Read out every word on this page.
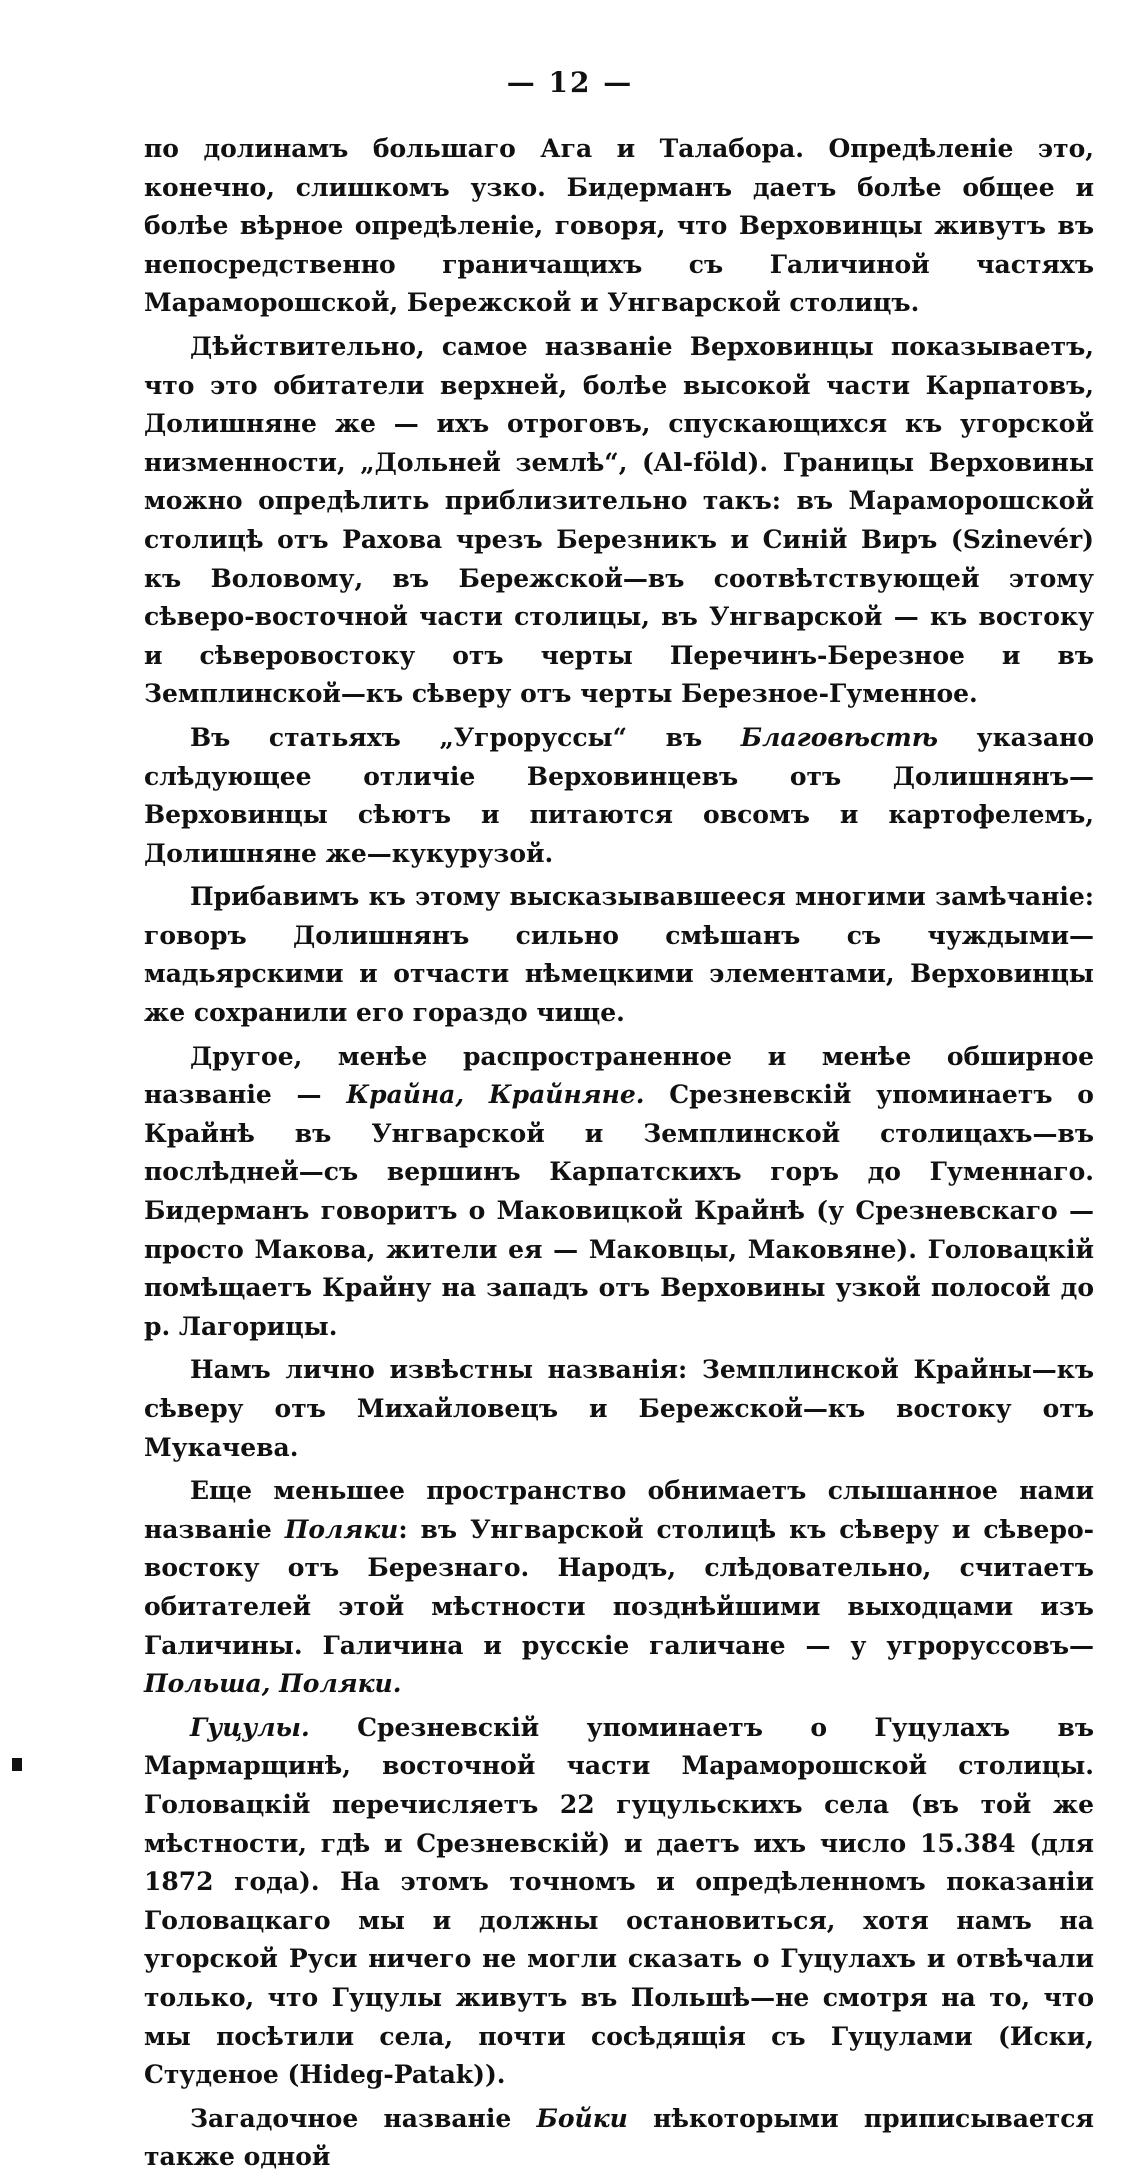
— 12 —

по долинамъ большаго Ага и Талабора. Опредѣленіе это, конечно, слишкомъ узко. Бидерманъ даетъ болѣе общее и болѣе вѣрное опредѣленіе, говоря, что Верховинцы живутъ въ непосредственно граничащихъ съ Галичиной частяхъ Мараморошской, Бережской и Унгварской столицъ.

Дѣйствительно, самое названіе Верховинцы показываетъ, что это обитатели верхней, болѣе высокой части Карпатовъ, Долишняне же — ихъ отроговъ, спускающихся къ угорской низменности, „Дольней землѣ“, (Al-föld). Границы Верховины можно опредѣлить приблизительно такъ: въ Мараморошской столицѣ отъ Рахова чрезъ Березникъ и Синій Виръ (Szinevér) къ Воловому, въ Бережской—въ соотвѣтствующей этому сѣверо-восточной части столицы, въ Унгварской — къ востоку и сѣверовостоку отъ черты Перечинъ-Березное и въ Земплинской—къ сѣверу отъ черты Березное-Гуменное.

Въ статьяхъ „Угроруссы“ въ Благовѣстѣ указано слѣдующее отличіе Верховинцевъ отъ Долишнянъ—Верховинцы сѣютъ и питаются овсомъ и картофелемъ, Долишняне же—кукурузой.

Прибавимъ къ этому высказывавшееся многими замѣчаніе: говоръ Долишнянъ сильно смѣшанъ съ чуждыми—мадьярскими и отчасти нѣмецкими элементами, Верховинцы же сохранили его гораздо чище.

Другое, менѣе распространенное и менѣе обширное названіе — Крайна, Крайняне. Срезневскій упоминаетъ о Крайнѣ въ Унгварской и Земплинской столицахъ—въ послѣдней—съ вершинъ Карпатскихъ горъ до Гуменнаго. Бидерманъ говоритъ о Маковицкой Крайнѣ (у Срезневскаго — просто Макова, жители ея — Маковцы, Маковяне). Головацкій помѣщаетъ Крайну на западъ отъ Верховины узкой полосой до р. Лагорицы.

Намъ лично извѣстны названія: Земплинской Крайны—къ сѣверу отъ Михайловецъ и Бережской—къ востоку отъ Мукачева.

Еще меньшее пространство обнимаетъ слышанное нами названіе Поляки: въ Унгварской столицѣ къ сѣверу и сѣверо-востоку отъ Березнаго. Народъ, слѣдовательно, считаетъ обитателей этой мѣстности позднѣйшими выходцами изъ Галичины. Галичина и русскіе галичане — у угроруссовъ—Польша, Поляки.

Гуцулы. Срезневскій упоминаетъ о Гуцулахъ въ Мармарщинѣ, восточной части Мараморошской столицы. Головацкій перечисляетъ 22 гуцульскихъ села (въ той же мѣстности, гдѣ и Срезневскій) и даетъ ихъ число 15.384 (для 1872 года). На этомъ точномъ и опредѣленномъ показаніи Головацкаго мы и должны остановиться, хотя намъ на угорской Руси ничего не могли сказать о Гуцулахъ и отвѣчали только, что Гуцулы живутъ въ Польшѣ—не смотря на то, что мы посѣтили села, почти сосѣдящія съ Гуцулами (Иски, Студеное (Hideg-Patak)).

Загадочное названіе Бойки нѣкоторыми приписывается также одной
